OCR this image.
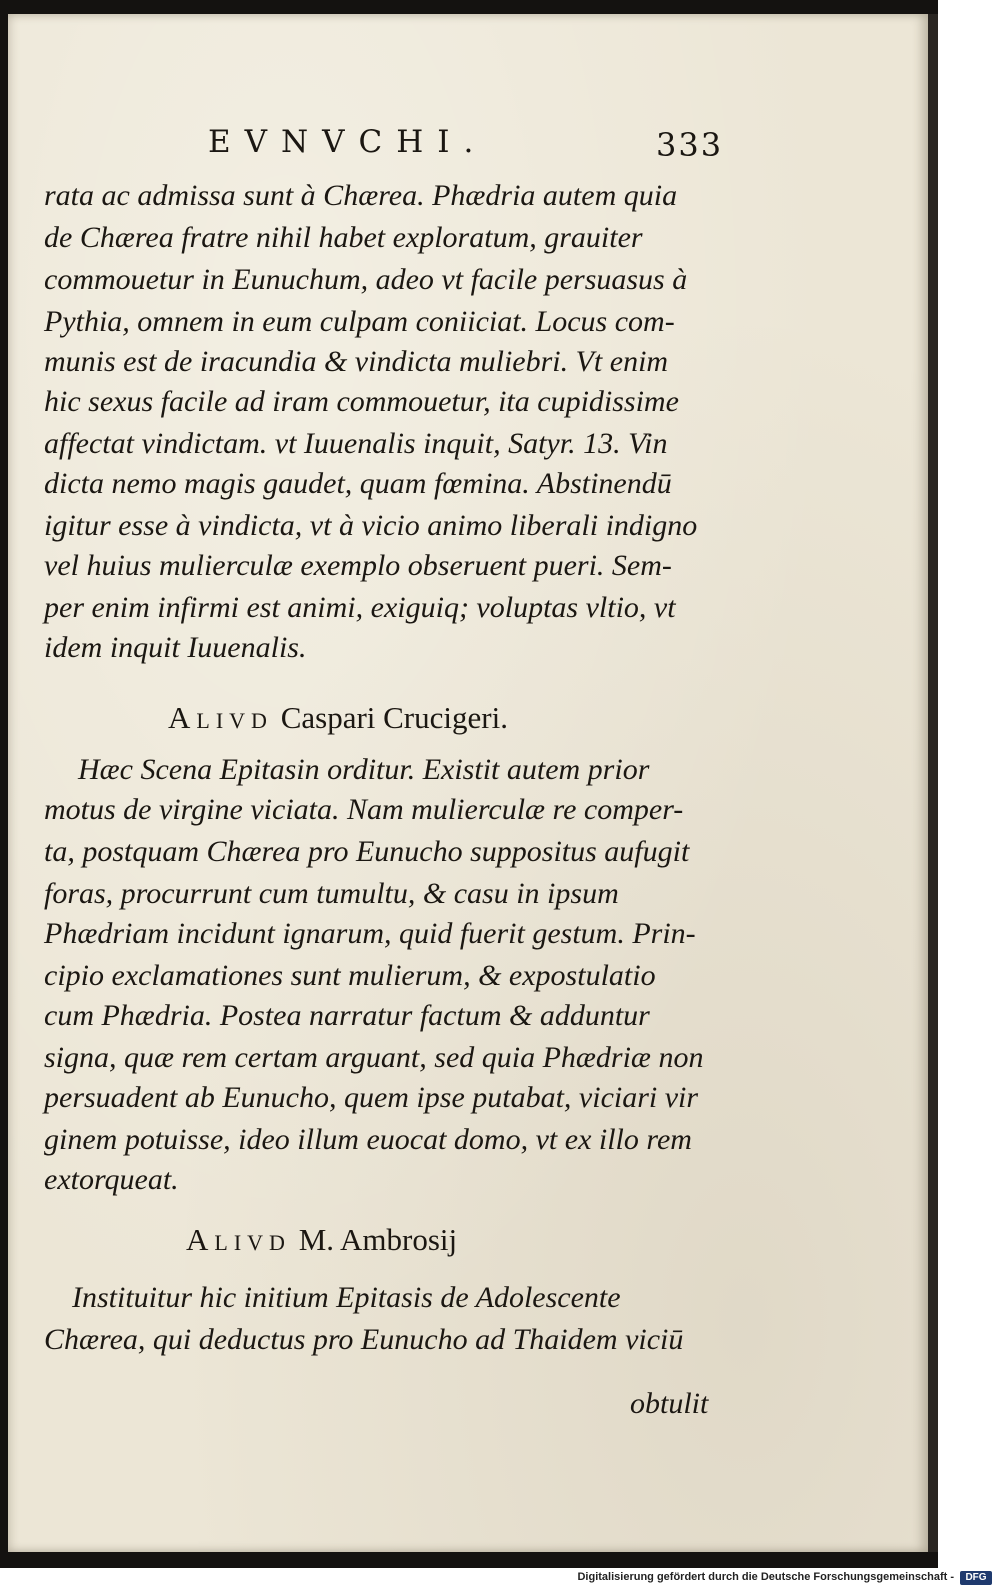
EVNVCHI.	333
rata ac admissa sunt à Chærea. Phædria autem quia
de Chærea fratre nihil habet exploratum, grauiter
commouetur in Eunuchum, adeo vt facile persuasus à
Pythia, omnem in eum culpam coniiciat. Locus com-
munis est de iracundia & vindicta muliebri. Vt enim
hic sexus facile ad iram commouetur, ita cupidissime
affectat vindictam. vt Iuuenalis inquit, Satyr. 13. Vin
dicta nemo magis gaudet, quam fœmina. Abstinendū
igitur esse à vindicta, vt à vicio animo liberali indigno
vel huius mulierculæ exemplo obseruent pueri. Sem-
per enim infirmi est animi, exiguiq; voluptas vltio, vt
idem inquit Iuuenalis.
Alivd Caspari Crucigeri.
Hæc Scena Epitasin orditur. Existit autem prior
motus de virgine viciata. Nam mulierculæ re comper-
ta, postquam Chærea pro Eunucho suppositus aufugit
foras, procurrunt cum tumultu, & casu in ipsum
Phædriam incidunt ignarum, quid fuerit gestum. Prin-
cipio exclamationes sunt mulierum, & expostulatio
cum Phædria. Postea narratur factum & adduntur
signa, quæ rem certam arguant, sed quia Phædriæ non
persuadent ab Eunucho, quem ipse putabat, viciari vir
ginem potuisse, ideo illum euocat domo, vt ex illo rem
extorqueat.
Alivd M. Ambrosij
Instituitur hic initium Epitasis de Adolescente
Chærea, qui deductus pro Eunucho ad Thaidem viciū
obtulit
Digitalisierung gefördert durch die Deutsche Forschungsgemeinschaft -	DFG
